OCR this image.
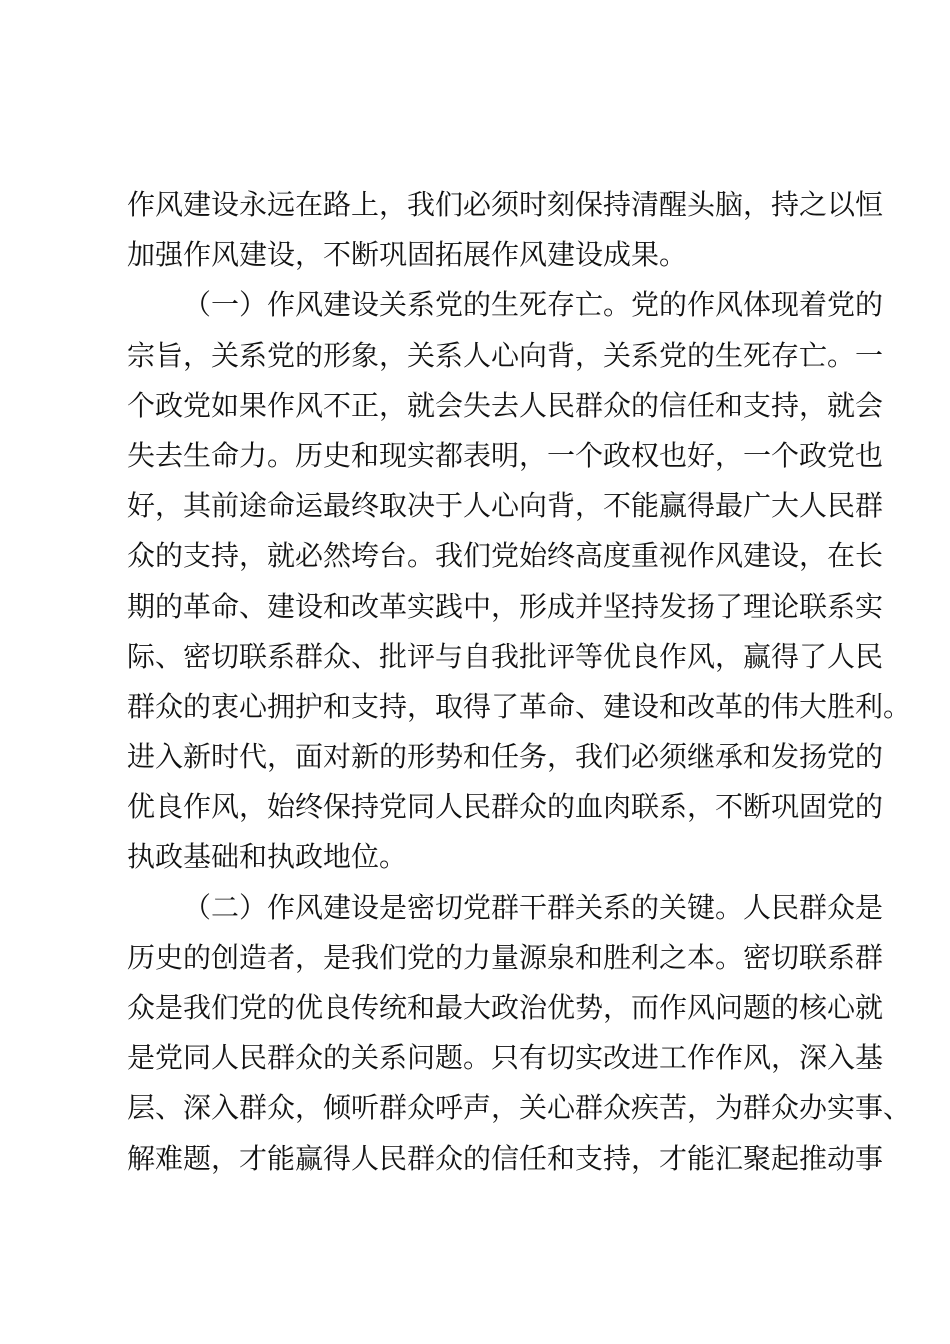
作风建设永远在路上，我们必须时刻保持清醒头脑，持之以恒
加强作风建设，不断巩固拓展作风建设成果。
（一）作风建设关系党的生死存亡。党的作风体现着党的
宗旨，关系党的形象，关系人心向背，关系党的生死存亡。一
个政党如果作风不正，就会失去人民群众的信任和支持，就会
失去生命力。历史和现实都表明，一个政权也好，一个政党也
好，其前途命运最终取决于人心向背，不能赢得最广大人民群
众的支持，就必然垮台。我们党始终高度重视作风建设，在长
期的革命、建设和改革实践中，形成并坚持发扬了理论联系实
际、密切联系群众、批评与自我批评等优良作风，赢得了人民
群众的衷心拥护和支持，取得了革命、建设和改革的伟大胜利。
进入新时代，面对新的形势和任务，我们必须继承和发扬党的
优良作风，始终保持党同人民群众的血肉联系，不断巩固党的
执政基础和执政地位。
（二）作风建设是密切党群干群关系的关键。人民群众是
历史的创造者，是我们党的力量源泉和胜利之本。密切联系群
众是我们党的优良传统和最大政治优势，而作风问题的核心就
是党同人民群众的关系问题。只有切实改进工作作风，深入基
层、深入群众，倾听群众呼声，关心群众疾苦，为群众办实事、
解难题，才能赢得人民群众的信任和支持，才能汇聚起推动事
